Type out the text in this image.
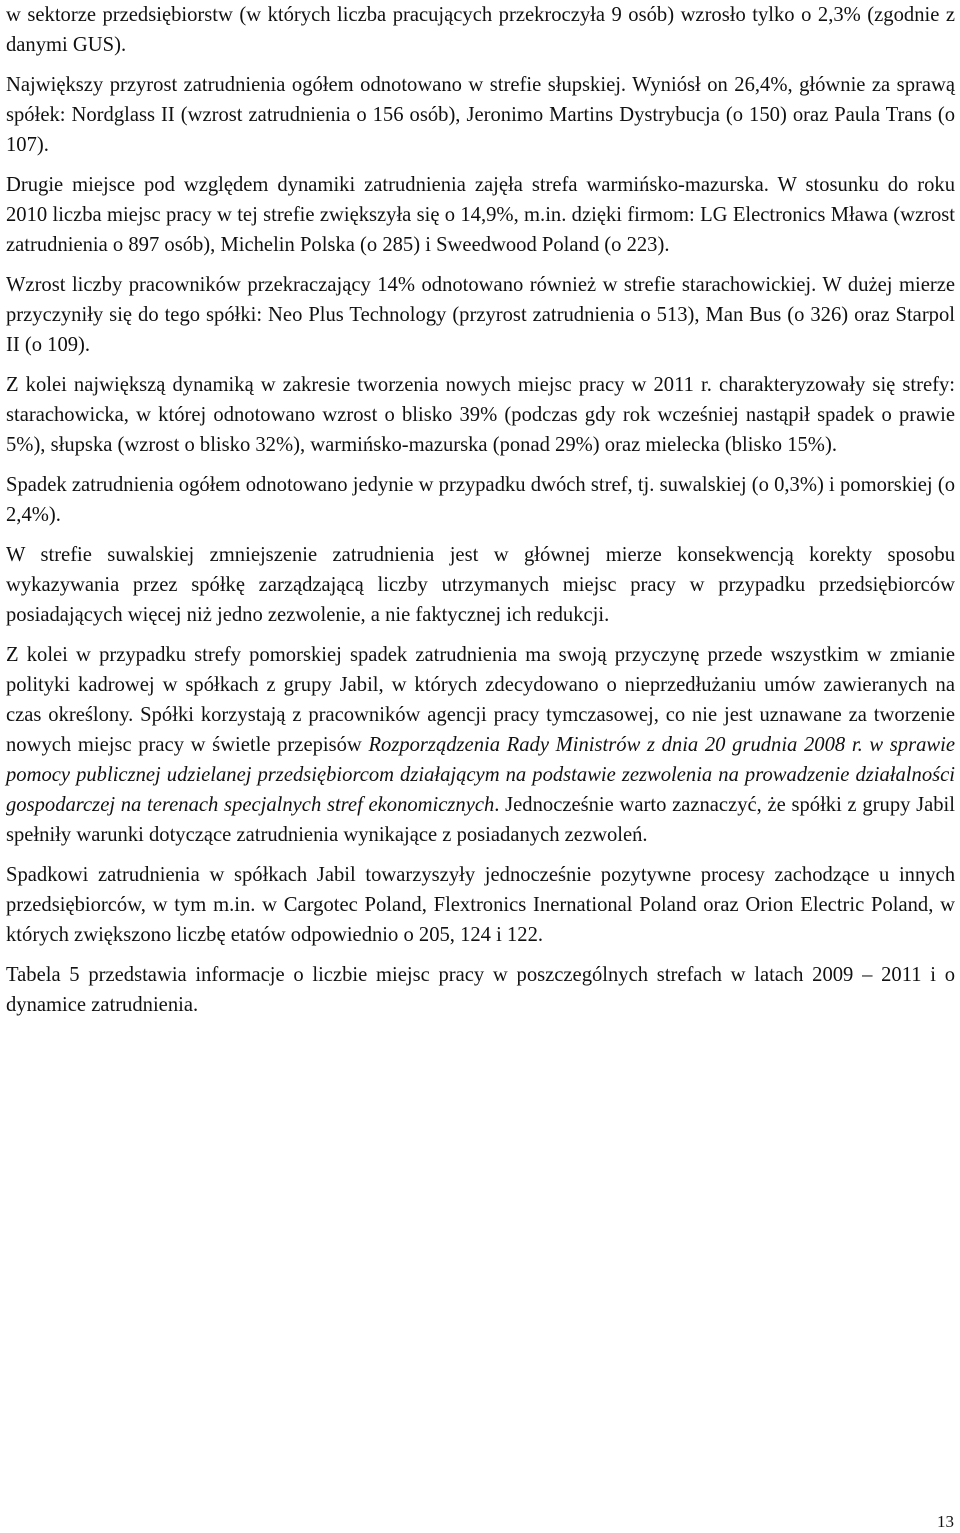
w sektorze przedsiębiorstw (w których liczba pracujących przekroczyła 9 osób) wzrosło tylko o 2,3% (zgodnie z danymi GUS).

Największy przyrost zatrudnienia ogółem odnotowano w strefie słupskiej. Wyniósł on 26,4%, głównie za sprawą spółek: Nordglass II (wzrost zatrudnienia o 156 osób), Jeronimo Martins Dystrybucja (o 150) oraz Paula Trans (o 107).

Drugie miejsce pod względem dynamiki zatrudnienia zajęła strefa warmińsko-mazurska. W stosunku do roku 2010 liczba miejsc pracy w tej strefie zwiększyła się o 14,9%, m.in. dzięki firmom: LG Electronics Mława (wzrost zatrudnienia o 897 osób), Michelin Polska (o 285) i Sweedwood Poland (o 223).

Wzrost liczby pracowników przekraczający 14% odnotowano również w strefie starachowickiej. W dużej mierze przyczyniły się do tego spółki: Neo Plus Technology (przyrost zatrudnienia o 513), Man Bus (o 326) oraz Starpol II (o 109).

Z kolei największą dynamiką w zakresie tworzenia nowych miejsc pracy w 2011 r. charakteryzowały się strefy: starachowicka, w której odnotowano wzrost o blisko 39% (podczas gdy rok wcześniej nastąpił spadek o prawie 5%), słupska (wzrost o blisko 32%), warmińsko-mazurska (ponad 29%) oraz mielecka (blisko 15%).

Spadek zatrudnienia ogółem odnotowano jedynie w przypadku dwóch stref, tj. suwalskiej (o 0,3%) i pomorskiej (o 2,4%).

W strefie suwalskiej zmniejszenie zatrudnienia jest w głównej mierze konsekwencją korekty sposobu wykazywania przez spółkę zarządzającą liczby utrzymanych miejsc pracy w przypadku przedsiębiorców posiadających więcej niż jedno zezwolenie, a nie faktycznej ich redukcji.

Z kolei w przypadku strefy pomorskiej spadek zatrudnienia ma swoją przyczynę przede wszystkim w zmianie polityki kadrowej w spółkach z grupy Jabil, w których zdecydowano o nieprzedłużaniu umów zawieranych na czas określony. Spółki korzystają z pracowników agencji pracy tymczasowej, co nie jest uznawane za tworzenie nowych miejsc pracy w świetle przepisów Rozporządzenia Rady Ministrów z dnia 20 grudnia 2008 r. w sprawie pomocy publicznej udzielanej przedsiębiorcom działającym na podstawie zezwolenia na prowadzenie działalności gospodarczej na terenach specjalnych stref ekonomicznych. Jednocześnie warto zaznaczyć, że spółki z grupy Jabil spełniły warunki dotyczące zatrudnienia wynikające z posiadanych zezwoleń.

Spadkowi zatrudnienia w spółkach Jabil towarzyszyły jednocześnie pozytywne procesy zachodzące u innych przedsiębiorców, w tym m.in. w Cargotec Poland, Flextronics Inernational Poland oraz Orion Electric Poland, w których zwiększono liczbę etatów odpowiednio o 205, 124 i 122.

Tabela 5 przedstawia informacje o liczbie miejsc pracy w poszczególnych strefach w latach 2009 – 2011 i o dynamice zatrudnienia.

13
